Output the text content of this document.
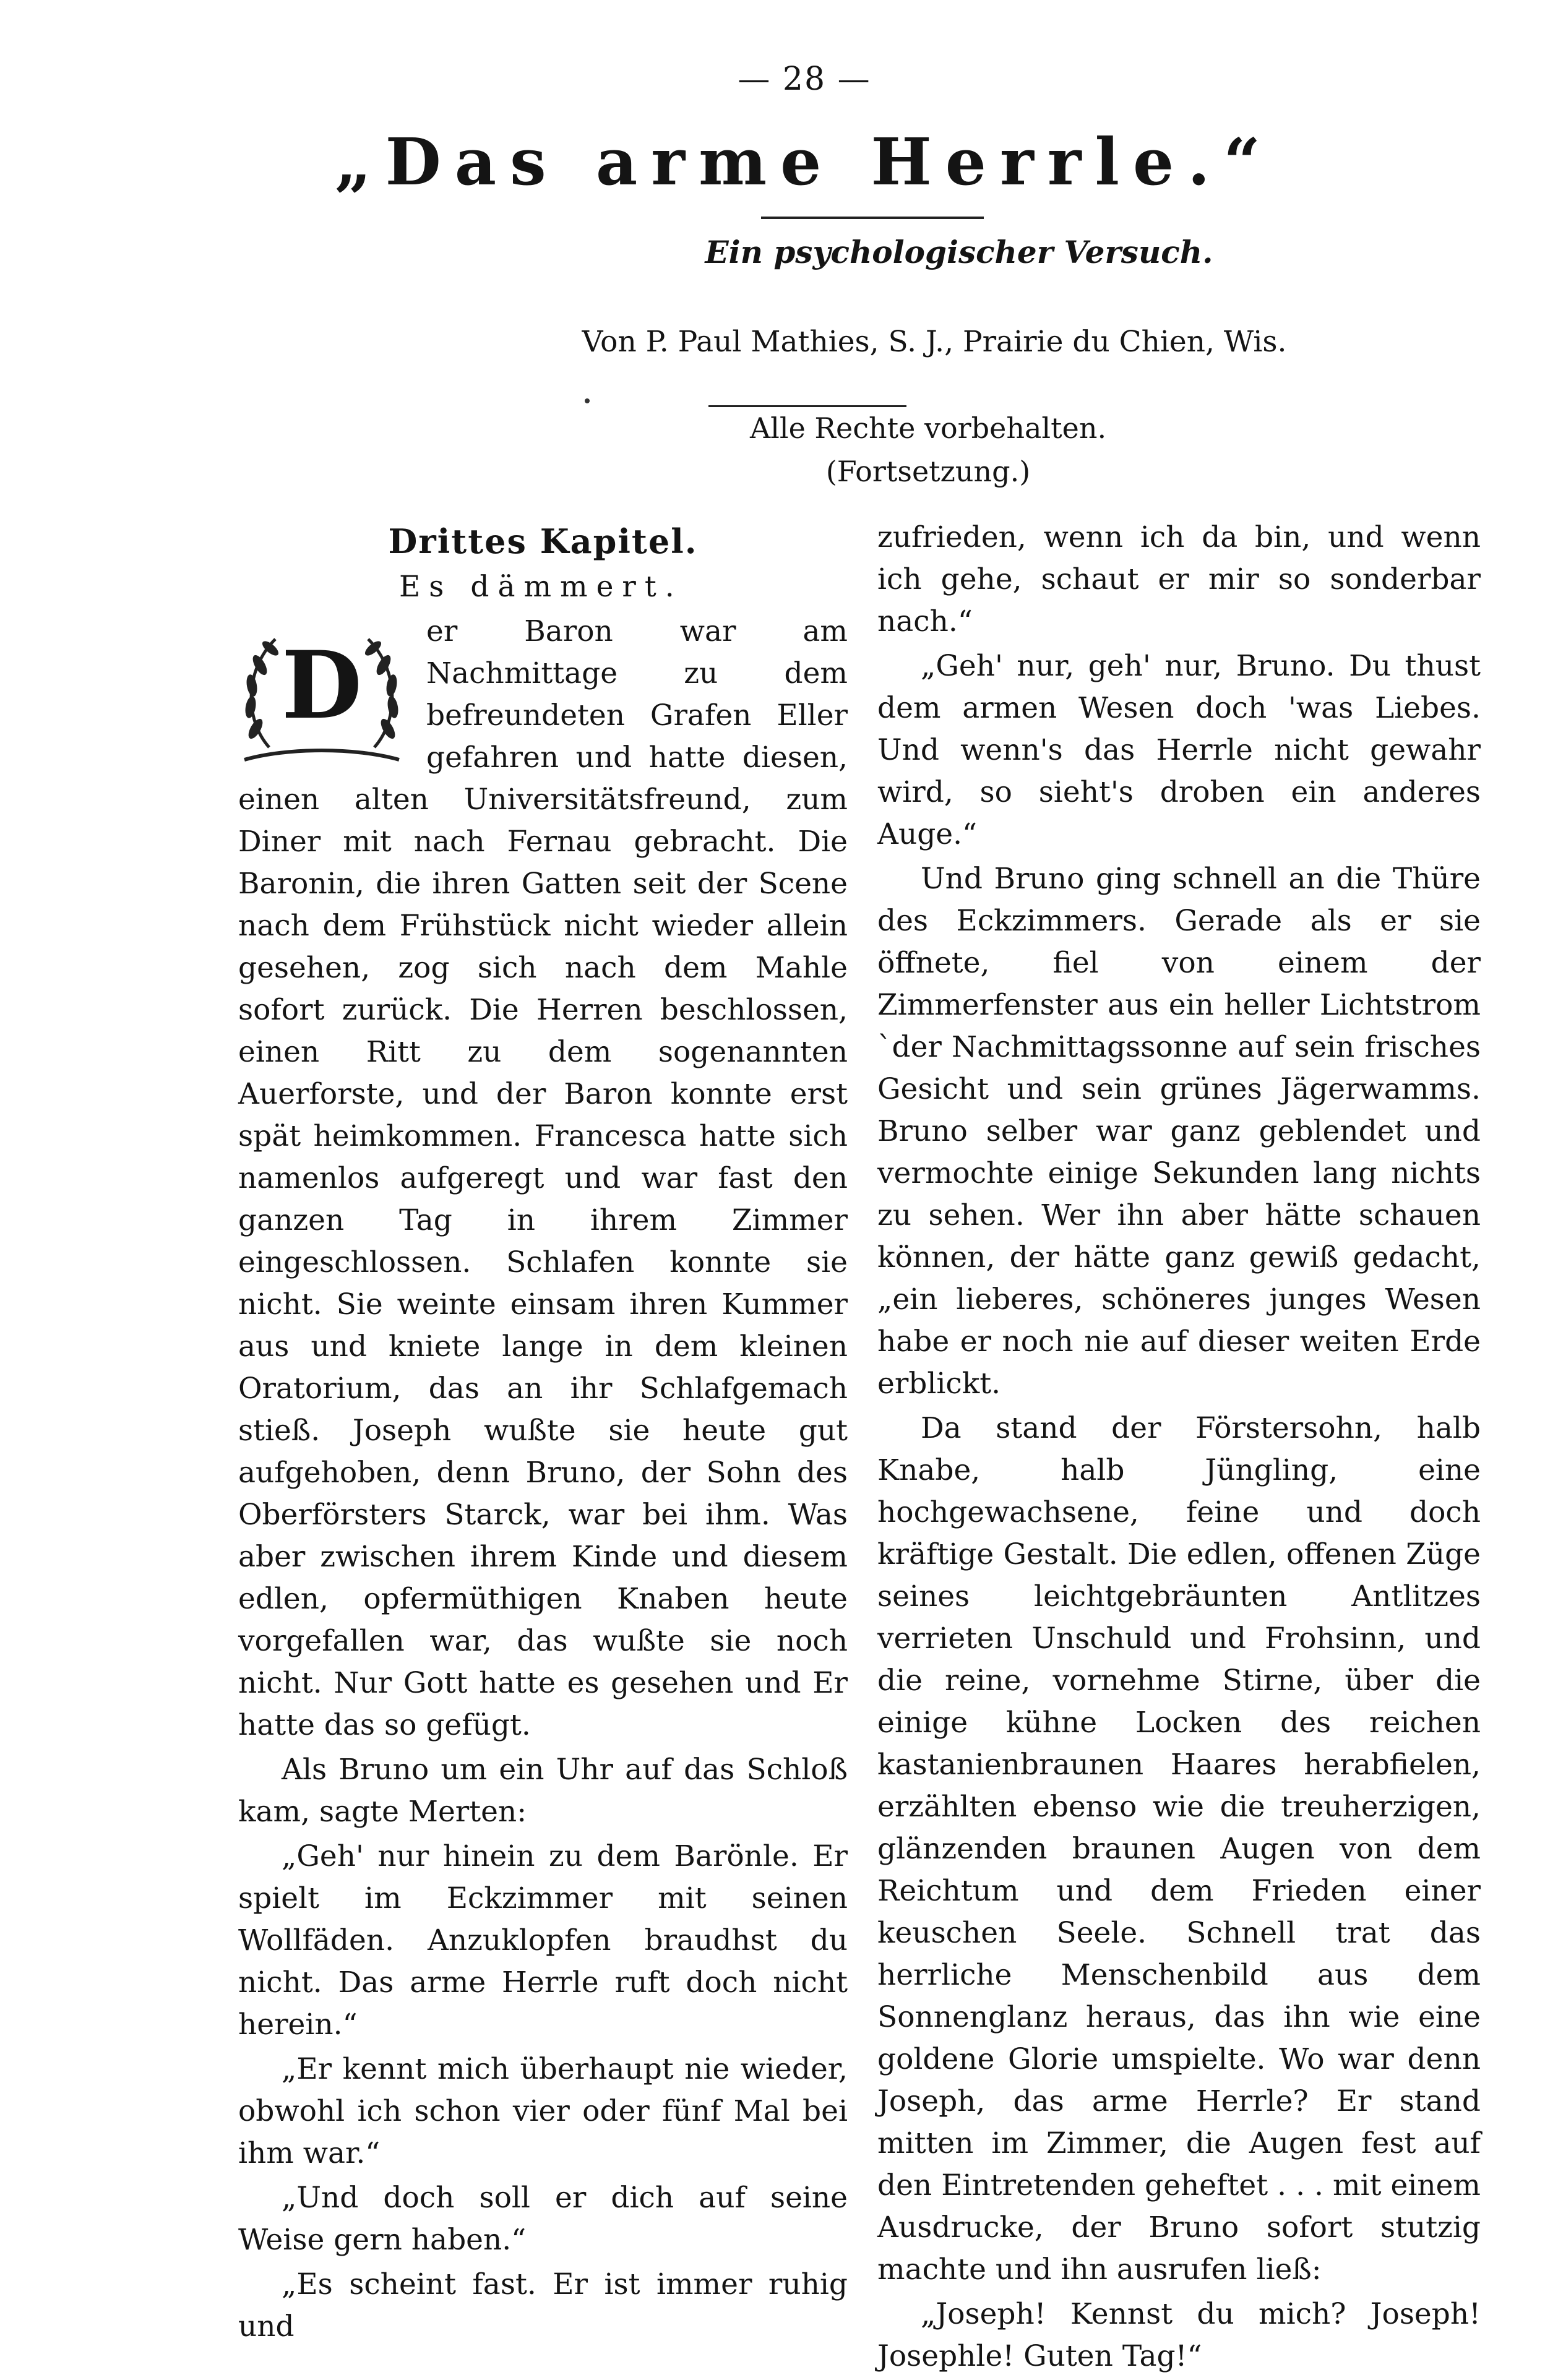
— 28 —
„Das arme Herrle.“
Ein psychologischer Versuch.
Von P. Paul Mathies, S. J., Prairie du Chien, Wis.
Alle Rechte vorbehalten.
(Fortsetzung.)
Drittes Kapitel.
Es dämmert.
D	er Baron war am Nachmittage zu dem befreundeten Grafen Eller gefahren und hatte diesen, einen alten Universitätsfreund, zum Diner mit nach Fernau gebracht. Die Baronin, die ihren Gatten seit der Scene nach dem Frühstück nicht wieder allein gesehen, zog sich nach dem Mahle sofort zurück. Die Herren beschlossen, einen Ritt zu dem sogenannten Auerforste, und der Baron konnte erst spät heimkommen. Francesca hatte sich namenlos aufgeregt und war fast den ganzen Tag in ihrem Zimmer eingeschlossen. Schlafen konnte sie nicht. Sie weinte einsam ihren Kummer aus und kniete lange in dem kleinen Oratorium, das an ihr Schlafgemach stieß. Joseph wußte sie heute gut aufgehoben, denn Bruno, der Sohn des Oberförsters Starck, war bei ihm. Was aber zwischen ihrem Kinde und diesem edlen, opfermüthigen Knaben heute vorgefallen war, das wußte sie noch nicht. Nur Gott hatte es gesehen und Er hatte das so gefügt.

Als Bruno um ein Uhr auf das Schloß kam, sagte Merten:

„Geh' nur hinein zu dem Barönle. Er spielt im Eckzimmer mit seinen Wollfäden. Anzuklopfen braudhst du nicht. Das arme Herrle ruft doch nicht herein.“

„Er kennt mich überhaupt nie wieder, obwohl ich schon vier oder fünf Mal bei ihm war.“

„Und doch soll er dich auf seine Weise gern haben.“

„Es scheint fast. Er ist immer ruhig und

zufrieden, wenn ich da bin, und wenn ich gehe, schaut er mir so sonderbar nach.“

„Geh' nur, geh' nur, Bruno. Du thust dem armen Wesen doch 'was Liebes. Und wenn's das Herrle nicht gewahr wird, so sieht's droben ein anderes Auge.“

Und Bruno ging schnell an die Thüre des Eckzimmers. Gerade als er sie öffnete, fiel von einem der Zimmerfenster aus ein heller Lichtstrom `der Nachmittagssonne auf sein frisches Gesicht und sein grünes Jägerwamms. Bruno selber war ganz geblendet und vermochte einige Sekunden lang nichts zu sehen. Wer ihn aber hätte schauen können, der hätte ganz gewiß gedacht, „ein lieberes, schöneres junges Wesen habe er noch nie auf dieser weiten Erde erblickt.

Da stand der Förstersohn, halb Knabe, halb Jüngling, eine hochgewachsene, feine und doch kräftige Gestalt. Die edlen, offenen Züge seines leichtgebräunten Antlitzes verrieten Unschuld und Frohsinn, und die reine, vornehme Stirne, über die einige kühne Locken des reichen kastanienbraunen Haares herabfielen, erzählten ebenso wie die treuherzigen, glänzenden braunen Augen von dem Reichtum und dem Frieden einer keuschen Seele. Schnell trat das herrliche Menschenbild aus dem Sonnenglanz heraus, das ihn wie eine goldene Glorie umspielte. Wo war denn Joseph, das arme Herrle? Er stand mitten im Zimmer, die Augen fest auf den Eintretenden geheftet . . . mit einem Ausdrucke, der Bruno sofort stutzig machte und ihn ausrufen ließ:

„Joseph! Kennst du mich? Joseph! Josephle! Guten Tag!“
